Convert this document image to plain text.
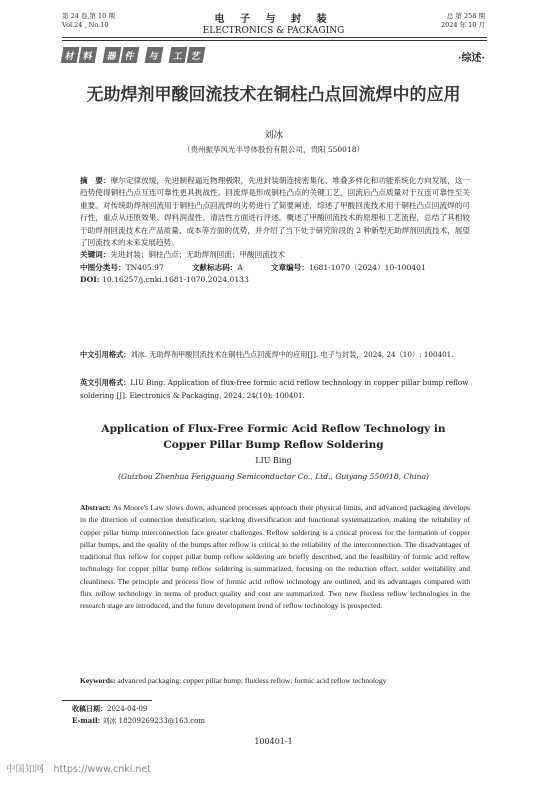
第 24 卷,第 10 期
Vol.24 , No.10	电 子 与 封 装
ELECTRONICS & PACKAGING
总 第 258 期
2024 年 10 月
材 料	器 件	与	工 艺	·综述·
无助焊剂甲酸回流技术在铜柱凸点回流焊中的应用
刘冰
（贵州振华风光半导体股份有限公司，贵阳 550018）
摘　要：摩尔定律放缓，先进制程逼近物理极限，先进封装朝连接密集化、堆叠多样化和功能系统化方向发展，这一趋势使得铜柱凸点互连可靠性更具挑战性。回流焊是形成铜柱凸点的关键工艺，回流后凸点质量对于互连可靠性至关重要。对传统助焊剂回流用于铜柱凸点回流焊的劣势进行了简要阐述，综述了甲酸回流技术用于铜柱凸点回流焊的可行性，重点从还原效果、焊料润湿性、清洁性方面进行评述。概述了甲酸回流技术的原理和工艺流程，总结了其相较于助焊剂回流技术在产品质量、成本等方面的优势，并介绍了当下处于研究阶段的 2 种新型无助焊剂回流技术，展望了回流技术的未来发展趋势。
关键词：先进封装；铜柱凸点；无助焊剂回流；甲酸回流技术
中图分类号：TN405.97	文献标志码：A	文章编号：1681-1070（2024）10-100401
DOI: 10.16257/j.cnki.1681-1070.2024.0133
中文引用格式：刘冰. 无助焊剂甲酸回流技术在铜柱凸点回流焊中的应用[J]. 电子与封装，2024, 24（10）: 100401.
英文引用格式：LIU Bing. Application of flux-free formic acid reflow technology in copper pillar bump reflow soldering [J]. Electronics & Packaging, 2024, 24(10): 100401.
Application of Flux-Free Formic Acid Reflow Technology in
Copper Pillar Bump Reflow Soldering
LIU Bing
(Guizhou Zhenhua Fengguang Semiconductor Co., Ltd., Guiyang 550018, China)
Abstract: As Moore's Law slows down, advanced processes approach their physical limits, and advanced packaging develops in the direction of connection densification, stacking diversification and functional systematization, making the reliability of copper pillar bump interconnection face greater challenges. Reflow soldering is a critical process for the formation of copper pillar bumps, and the quality of the bumps after reflow is critical to the reliability of the interconnection. The disadvantages of traditional flux reflow for copper pillar bump reflow soldering are briefly described, and the feasibility of formic acid reflow technology for copper pillar bump reflow soldering is summarized, focusing on the reduction effect, solder wettability and cleanliness. The principle and process flow of formic acid reflow technology are outlined, and its advantages compared with flux reflow technology in terms of product quality and cost are summarized. Two new fluxless reflow technologies in the research stage are introduced, and the future development trend of reflow technology is prospected.
Keywords: advanced packaging; copper pillar bump; fluxless reflow; formic acid reflow technology
收稿日期：2024-04-09
E-mail: 刘冰 18209269233@163.com
100401-1
中国知网　https://www.cnki.net
